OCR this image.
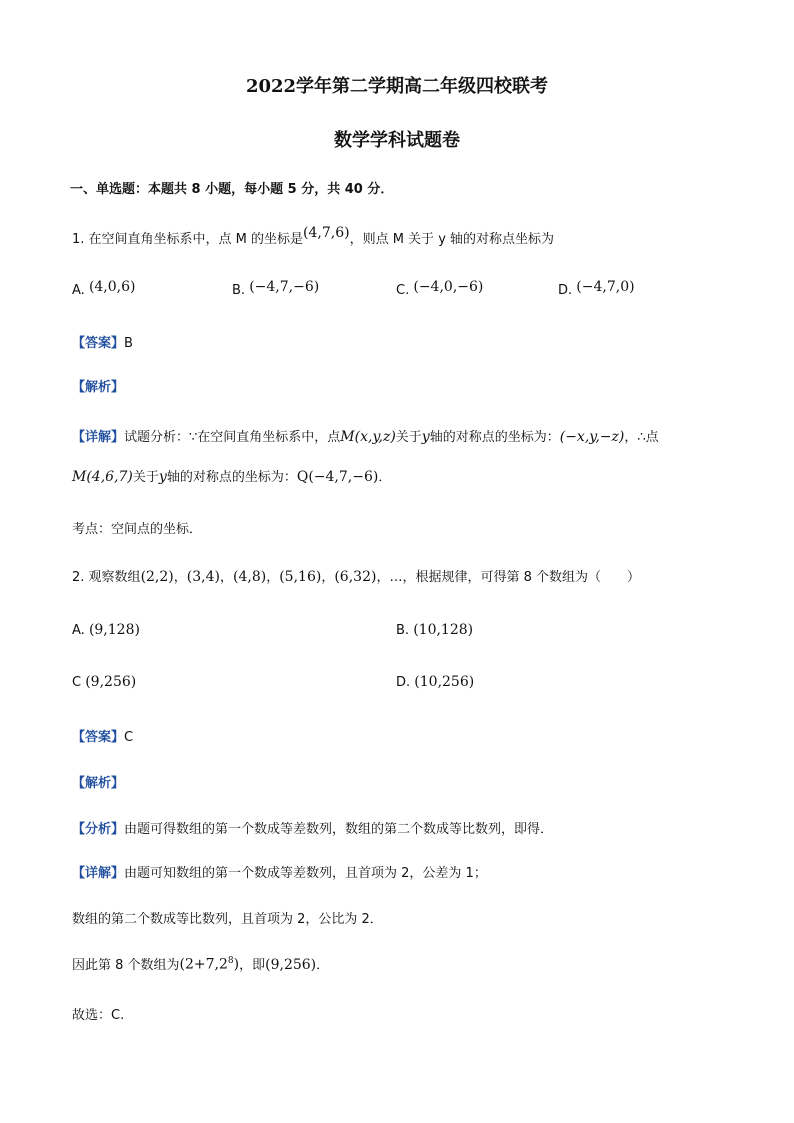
2022学年第二学期高二年级四校联考
数学学科试题卷
一、单选题：本题共 8 小题，每小题 5 分，共 40 分．
1.
在空间直角坐标系中，点 M 的坐标是 (4,7,6) ，则点 M 关于 y 轴的对称点坐标为
A.
(4,0,6)	B.
(−4,7,−6)	C.
(−4,0,−6)	D.
(−4,7,0)
【答案】 B
【解析】
【详解】 试题分析：∵在空间直角坐标系中，点 M(x,y,z) 关于 y 轴的对称点的坐标为： (−x,y,−z) ，∴点
M(4,6,7) 关于 y 轴的对称点的坐标为： Q(−4,7,−6) ．
考点：空间点的坐标．
2.
观察数组 (2,2) ， (3,4) ， (4,8) ， (5,16) ， (6,32) ，…，根据规律，可得第 8 个数组为（　　）
A.
(9,128)	B.
(10,128)
C
(9,256)	D.
(10,256)
【答案】 C
【解析】
【分析】 由题可得数组的第一个数成等差数列，数组的第二个数成等比数列，即得．
【详解】 由题可知数组的第一个数成等差数列，且首项为 2，公差为 1；
数组的第二个数成等比数列，且首项为 2，公比为 2．
因此第 8 个数组为 $(2+7,2^8)$ ，即 (9,256) ．
故选：C.
